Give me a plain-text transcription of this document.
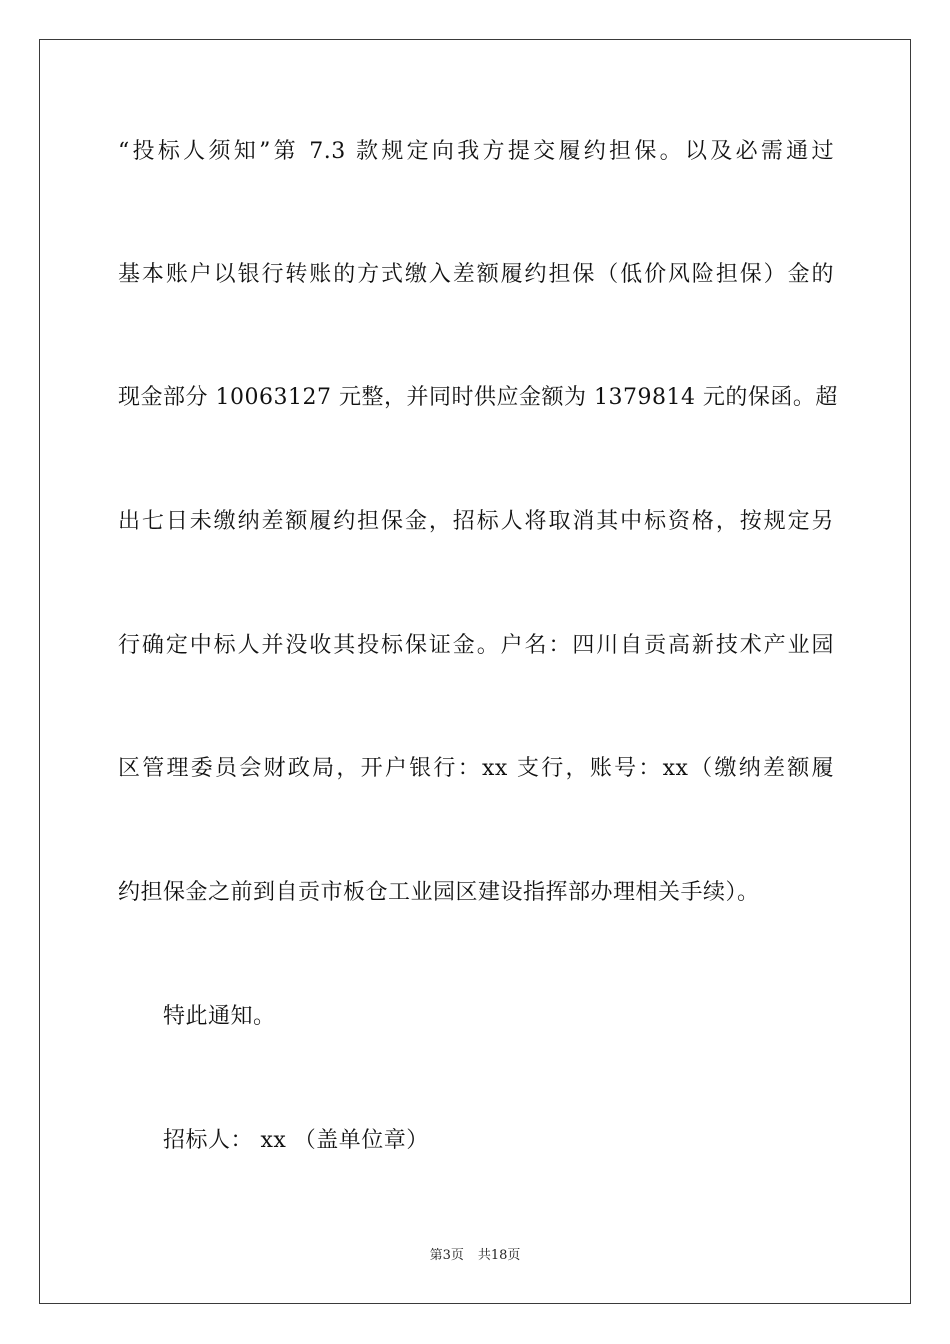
“投标人须知”第 7.3 款规定向我方提交履约担保。以及必需通过
基本账户以银行转账的方式缴入差额履约担保（低价风险担保）金的
现金部分 10063127 元整，并同时供应金额为 1379814 元的保函。超
出七日未缴纳差额履约担保金，招标人将取消其中标资格，按规定另
行确定中标人并没收其投标保证金。户名：四川自贡高新技术产业园
区管理委员会财政局，开户银行：xx 支行，账号：xx（缴纳差额履
约担保金之前到自贡市板仓工业园区建设指挥部办理相关手续）。
特此通知。
招标人： xx （盖单位章）
第3页 共18页
